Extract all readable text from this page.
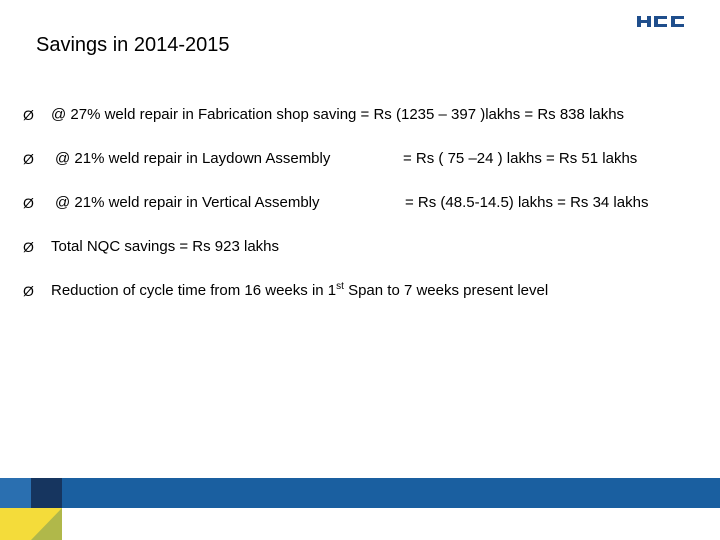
Savings in 2014-2015
Ø @ 27% weld repair in Fabrication shop saving = Rs (1235 – 397 )lakhs = Rs 838 lakhs
Ø @ 21% weld repair in Laydown Assembly	= Rs ( 75 –24 ) lakhs = Rs 51 lakhs
Ø @ 21% weld repair in Vertical Assembly	= Rs (48.5-14.5) lakhs = Rs 34 lakhs
Ø Total NQC savings = Rs 923 lakhs
Ø Reduction of cycle time from 16 weeks in 1st Span to 7 weeks present level
